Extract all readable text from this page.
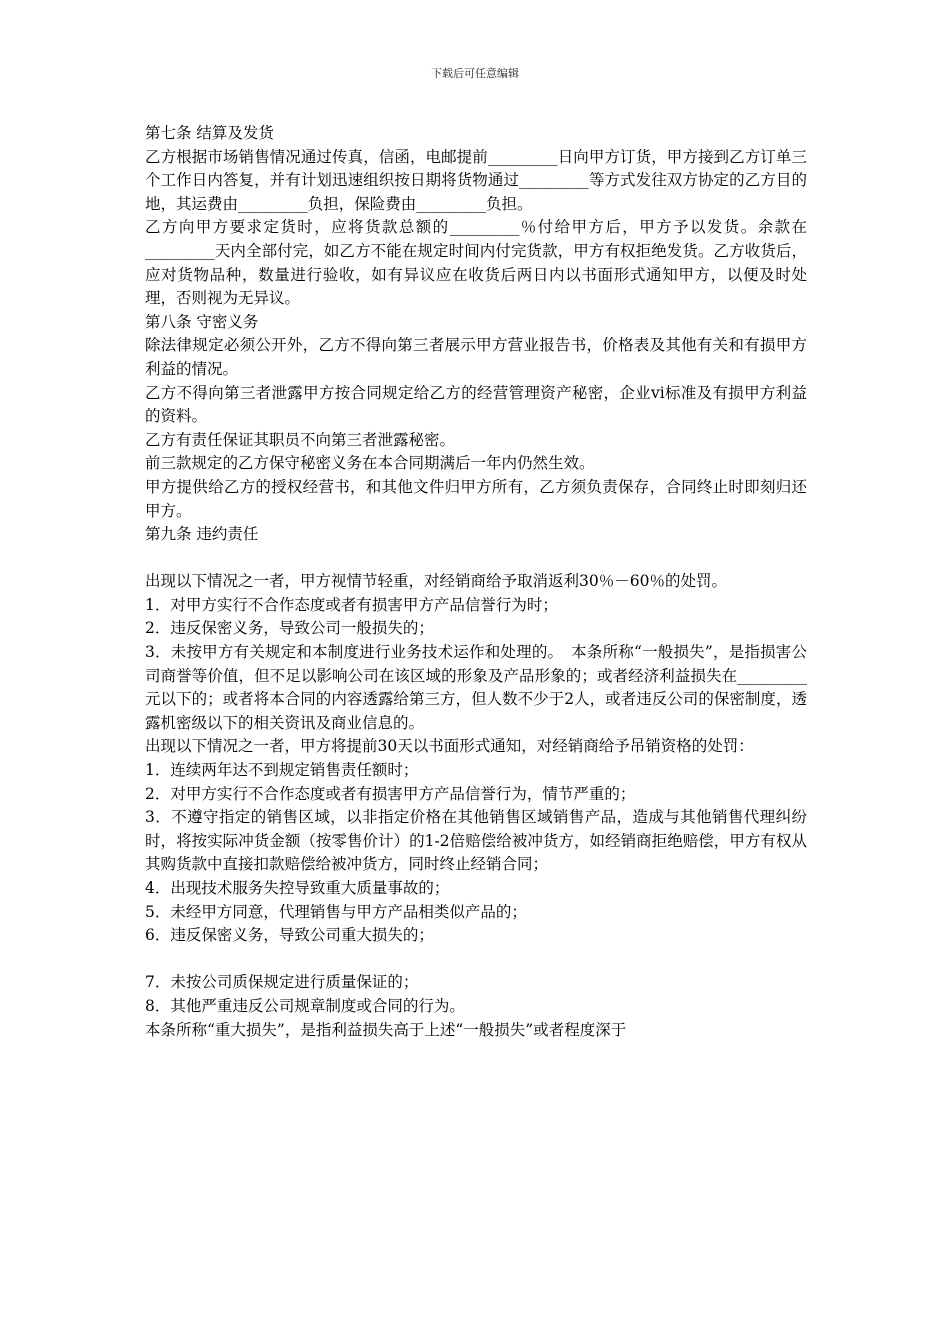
下载后可任意编辑

第七条 结算及发货

乙方根据市场销售情况通过传真，信函，电邮提前_________日向甲方订货，甲方接到乙方订单三个工作日内答复，并有计划迅速组织按日期将货物通过_________等方式发往双方协定的乙方目的地，其运费由_________负担，保险费由_________负担。

乙方向甲方要求定货时，应将货款总额的_________％付给甲方后，甲方予以发货。余款在_________天内全部付完，如乙方不能在规定时间内付完货款，甲方有权拒绝发货。乙方收货后，应对货物品种，数量进行验收，如有异议应在收货后两日内以书面形式通知甲方，以便及时处理，否则视为无异议。

第八条 守密义务

除法律规定必须公开外，乙方不得向第三者展示甲方营业报告书，价格表及其他有关和有损甲方利益的情况。

乙方不得向第三者泄露甲方按合同规定给乙方的经营管理资产秘密，企业vi标准及有损甲方利益的资料。

乙方有责任保证其职员不向第三者泄露秘密。

前三款规定的乙方保守秘密义务在本合同期满后一年内仍然生效。

甲方提供给乙方的授权经营书，和其他文件归甲方所有，乙方须负责保存，合同终止时即刻归还甲方。

第九条 违约责任

出现以下情况之一者，甲方视情节轻重，对经销商给予取消返利30％－60％的处罚。

1．对甲方实行不合作态度或者有损害甲方产品信誉行为时；

2．违反保密义务，导致公司一般损失的；

3．未按甲方有关规定和本制度进行业务技术运作和处理的。　本条所称“一般损失”，是指损害公司商誉等价值，但不足以影响公司在该区域的形象及产品形象的；或者经济利益损失在_________元以下的；或者将本合同的内容透露给第三方，但人数不少于2人，或者违反公司的保密制度，透露机密级以下的相关资讯及商业信息的。

出现以下情况之一者，甲方将提前30天以书面形式通知，对经销商给予吊销资格的处罚：

1．连续两年达不到规定销售责任额时；

2．对甲方实行不合作态度或者有损害甲方产品信誉行为，情节严重的；

3．不遵守指定的销售区域，以非指定价格在其他销售区域销售产品，造成与其他销售代理纠纷时，将按实际冲货金额（按零售价计）的1-2倍赔偿给被冲货方，如经销商拒绝赔偿，甲方有权从其购货款中直接扣款赔偿给被冲货方，同时终止经销合同；

4．出现技术服务失控导致重大质量事故的；

5．未经甲方同意，代理销售与甲方产品相类似产品的；

6．违反保密义务，导致公司重大损失的；

7．未按公司质保规定进行质量保证的；

8．其他严重违反公司规章制度或合同的行为。

本条所称“重大损失”，是指利益损失高于上述“一般损失”或者程度深于
